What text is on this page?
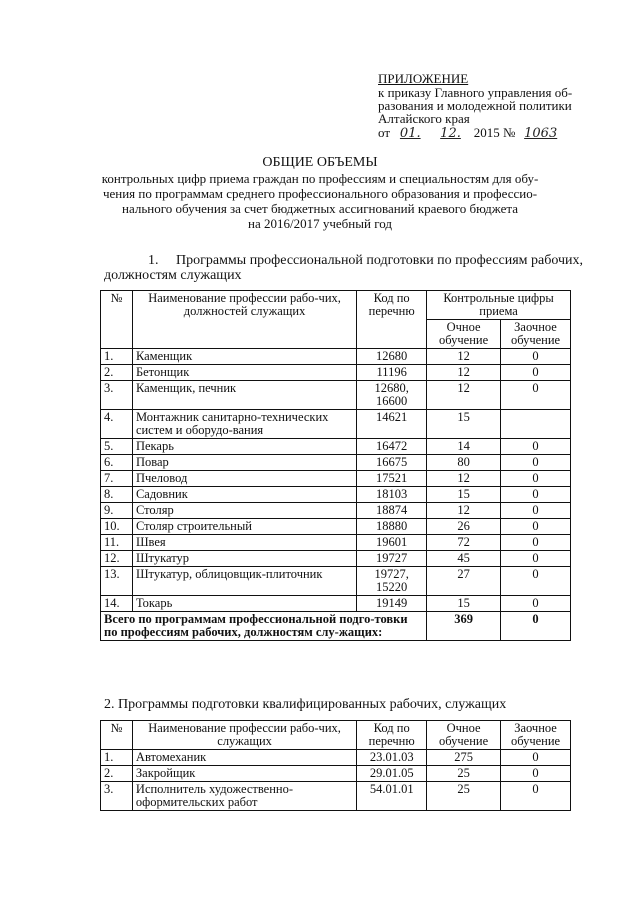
ПРИЛОЖЕНИЕ
к приказу Главного управления об-
разования и молодежной политики
Алтайского края
от 01. 12. 2015 № 1063
ОБЩИЕ ОБЪЕМЫ
контрольных цифр приема граждан по профессиям и специальностям для обу-
чения по программам среднего профессионального образования и профессио-
нального обучения за счет бюджетных ассигнований краевого бюджета
на 2016/2017 учебный год
1. Программы профессиональной подготовки по профессиям рабочих,
должностям служащих
№	Наименование профессии рабо-чих, должностей служащих	Код по перечню	Контрольные цифры приема	
			Очное обучение	Заочное обучение
1.	Каменщик	12680	12	0
2.	Бетонщик	11196	12	0
3.	Каменщик, печник	12680, 16600	12	0
4.	Монтажник санитарно-технических систем и оборудо-вания	14621	15	
5.	Пекарь	16472	14	0
6.	Повар	16675	80	0
7.	Пчеловод	17521	12	0
8.	Садовник	18103	15	0
9.	Столяр	18874	12	0
10.	Столяр строительный	18880	26	0
11.	Швея	19601	72	0
12.	Штукатур	19727	45	0
13.	Штукатур, облицовщик-плиточник	19727, 15220	27	0
14.	Токарь	19149	15	0
Всего по программам профессиональной подго-товки по профессиям рабочих, должностям слу-жащих:			369	0
2. Программы подготовки квалифицированных рабочих, служащих
№	Наименование профессии рабо-чих, служащих	Код по перечню	Очное обучение	Заочное обучение
1.	Автомеханик	23.01.03	275	0
2.	Закройщик	29.01.05	25	0
3.	Исполнитель художественно-оформительских работ	54.01.01	25	0
